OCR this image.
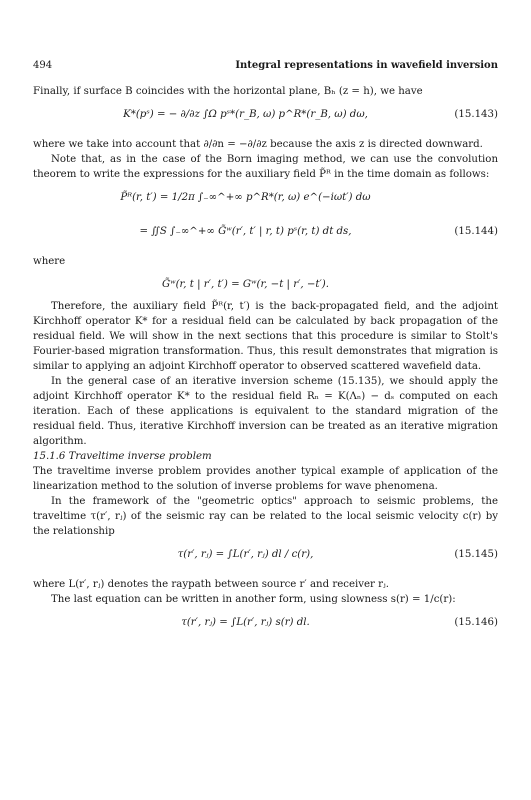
494	Integral representations in wavefield inversion

Finally, if surface B coincides with the horizontal plane, Bₕ (z = h), we have

K*(pˢ) = − ∂/∂z ∫Ω pˢ*(r_B, ω) p^R*(r_B, ω) dω,	(15.143)

where we take into account that ∂/∂n = −∂/∂z because the axis z is directed downward.

Note that, as in the case of the Born imaging method, we can use the convolution theorem to write the expressions for the auxiliary field P̃ᴿ in the time domain as follows:

P̃ᴿ(r, t′) = 1/2π ∫₋∞^+∞ p^R*(r, ω) e^(−iωt′) dω
= ∬S ∫₋∞^+∞ G̃ʷ(r′, t′ | r, t) pˢ(r, t) dt ds,	(15.144)

where

G̃ʷ(r, t | r′, t′) = Gʷ(r, −t | r′, −t′).

Therefore, the auxiliary field P̃ᴿ(r, t′) is the back-propagated field, and the adjoint Kirchhoff operator K* for a residual field can be calculated by back propagation of the residual field. We will show in the next sections that this procedure is similar to Stolt's Fourier-based migration transformation. Thus, this result demonstrates that migration is similar to applying an adjoint Kirchhoff operator to observed scattered wavefield data.

In the general case of an iterative inversion scheme (15.135), we should apply the adjoint Kirchhoff operator K* to the residual field Rₙ = K(Λₙ) − dₛ computed on each iteration. Each of these applications is equivalent to the standard migration of the residual field. Thus, iterative Kirchhoff inversion can be treated as an iterative migration algorithm.

15.1.6 Traveltime inverse problem

The traveltime inverse problem provides another typical example of application of the linearization method to the solution of inverse problems for wave phenomena.

In the framework of the "geometric optics" approach to seismic problems, the traveltime τ(r′, rⱼ) of the seismic ray can be related to the local seismic velocity c(r) by the relationship

τ(r′, rⱼ) = ∫L(r′, rⱼ) dl / c(r),	(15.145)

where L(r′, rⱼ) denotes the raypath between source r′ and receiver rⱼ.

The last equation can be written in another form, using slowness s(r) = 1/c(r):

τ(r′, rⱼ) = ∫L(r′, rⱼ) s(r) dl.	(15.146)
